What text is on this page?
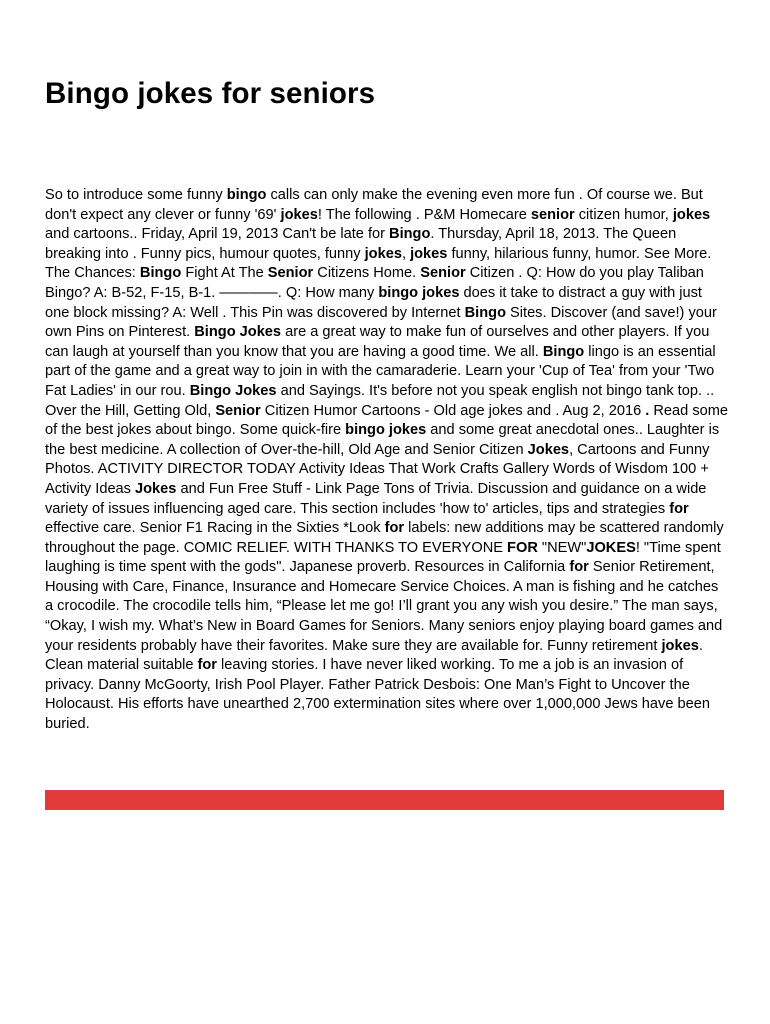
Bingo jokes for seniors

So to introduce some funny bingo calls can only make the evening even more fun . Of course we. But don't expect any clever or funny '69' jokes! The following . P&M Homecare senior citizen humor, jokes and cartoons.. Friday, April 19, 2013 Can't be late for Bingo. Thursday, April 18, 2013. The Queen breaking into . Funny pics, humour quotes, funny jokes, jokes funny, hilarious funny, humor. See More. The Chances: Bingo Fight At The Senior Citizens Home. Senior Citizen . Q: How do you play Taliban Bingo? A: B-52, F-15, B-1. ————. Q: How many bingo jokes does it take to distract a guy with just one block missing? A: Well . This Pin was discovered by Internet Bingo Sites. Discover (and save!) your own Pins on Pinterest. Bingo Jokes are a great way to make fun of ourselves and other players. If you can laugh at yourself than you know that you are having a good time. We all. Bingo lingo is an essential part of the game and a great way to join in with the camaraderie. Learn your 'Cup of Tea' from your 'Two Fat Ladies' in our rou. Bingo Jokes and Sayings. It's before not you speak english not bingo tank top. .. Over the Hill, Getting Old, Senior Citizen Humor Cartoons - Old age jokes and . Aug 2, 2016 . Read some of the best jokes about bingo. Some quick-fire bingo jokes and some great anecdotal ones.. Laughter is the best medicine. A collection of Over-the-hill, Old Age and Senior Citizen Jokes, Cartoons and Funny Photos. ACTIVITY DIRECTOR TODAY Activity Ideas That Work Crafts Gallery Words of Wisdom 100 + Activity Ideas Jokes and Fun Free Stuff - Link Page Tons of Trivia. Discussion and guidance on a wide variety of issues influencing aged care. This section includes 'how to' articles, tips and strategies for effective care. Senior F1 Racing in the Sixties *Look for labels: new additions may be scattered randomly throughout the page. COMIC RELIEF. WITH THANKS TO EVERYONE FOR "NEW"JOKES! "Time spent laughing is time spent with the gods". Japanese proverb. Resources in California for Senior Retirement, Housing with Care, Finance, Insurance and Homecare Service Choices. A man is fishing and he catches a crocodile. The crocodile tells him, “Please let me go! I’ll grant you any wish you desire.” The man says, “Okay, I wish my. What’s New in Board Games for Seniors. Many seniors enjoy playing board games and your residents probably have their favorites. Make sure they are available for. Funny retirement jokes. Clean material suitable for leaving stories. I have never liked working. To me a job is an invasion of privacy. Danny McGoorty, Irish Pool Player. Father Patrick Desbois: One Man’s Fight to Uncover the Holocaust. His efforts have unearthed 2,700 extermination sites where over 1,000,000 Jews have been buried.
